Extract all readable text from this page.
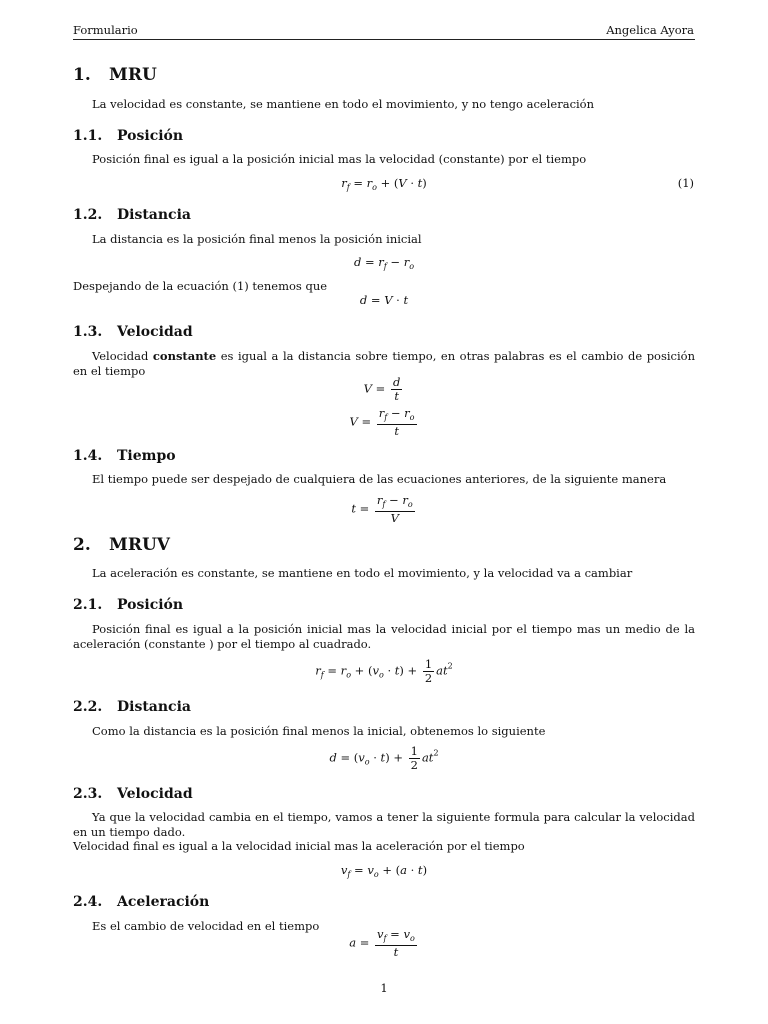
Formulario	Angelica Ayora
1. MRU
La velocidad es constante, se mantiene en todo el movimiento, y no tengo aceleración
1.1. Posición
Posición final es igual a la posición inicial mas la velocidad (constante) por el tiempo
$r_f = r_o + (V \cdot t)$	(1)
1.2. Distancia
La distancia es la posición final menos la posición inicial
$d = r_f - r_o$
Despejando de la ecuación (1) tenemos que
d = V · t
1.3. Velocidad
Velocidad constante es igual a la distancia sobre tiempo, en otras palabras es el cambio de posición en el tiempo
$V = \frac{d}{t}$
$V = \frac{r_f - r_o}{t}$
1.4. Tiempo
El tiempo puede ser despejado de cualquiera de las ecuaciones anteriores, de la siguiente manera
$t = \frac{r_f - r_o}{V}$
2. MRUV
La aceleración es constante, se mantiene en todo el movimiento, y la velocidad va a cambiar
2.1. Posición
Posición final es igual a la posición inicial mas la velocidad inicial por el tiempo mas un medio de la aceleración (constante ) por el tiempo al cuadrado.
$r_f = r_o + (v_o \cdot t) + \frac{1}{2} at^2$
2.2. Distancia
Como la distancia es la posición final menos la inicial, obtenemos lo siguiente
$d = (v_o \cdot t) + \frac{1}{2} at^2$
2.3. Velocidad
Ya que la velocidad cambia en el tiempo, vamos a tener la siguiente formula para calcular la velocidad en un tiempo dado.
Velocidad final es igual a la velocidad inicial mas la aceleración por el tiempo
$v_f = v_o + (a \cdot t)$
2.4. Aceleración
Es el cambio de velocidad en el tiempo
$a = \frac{v_f = v_o}{t}$
1
